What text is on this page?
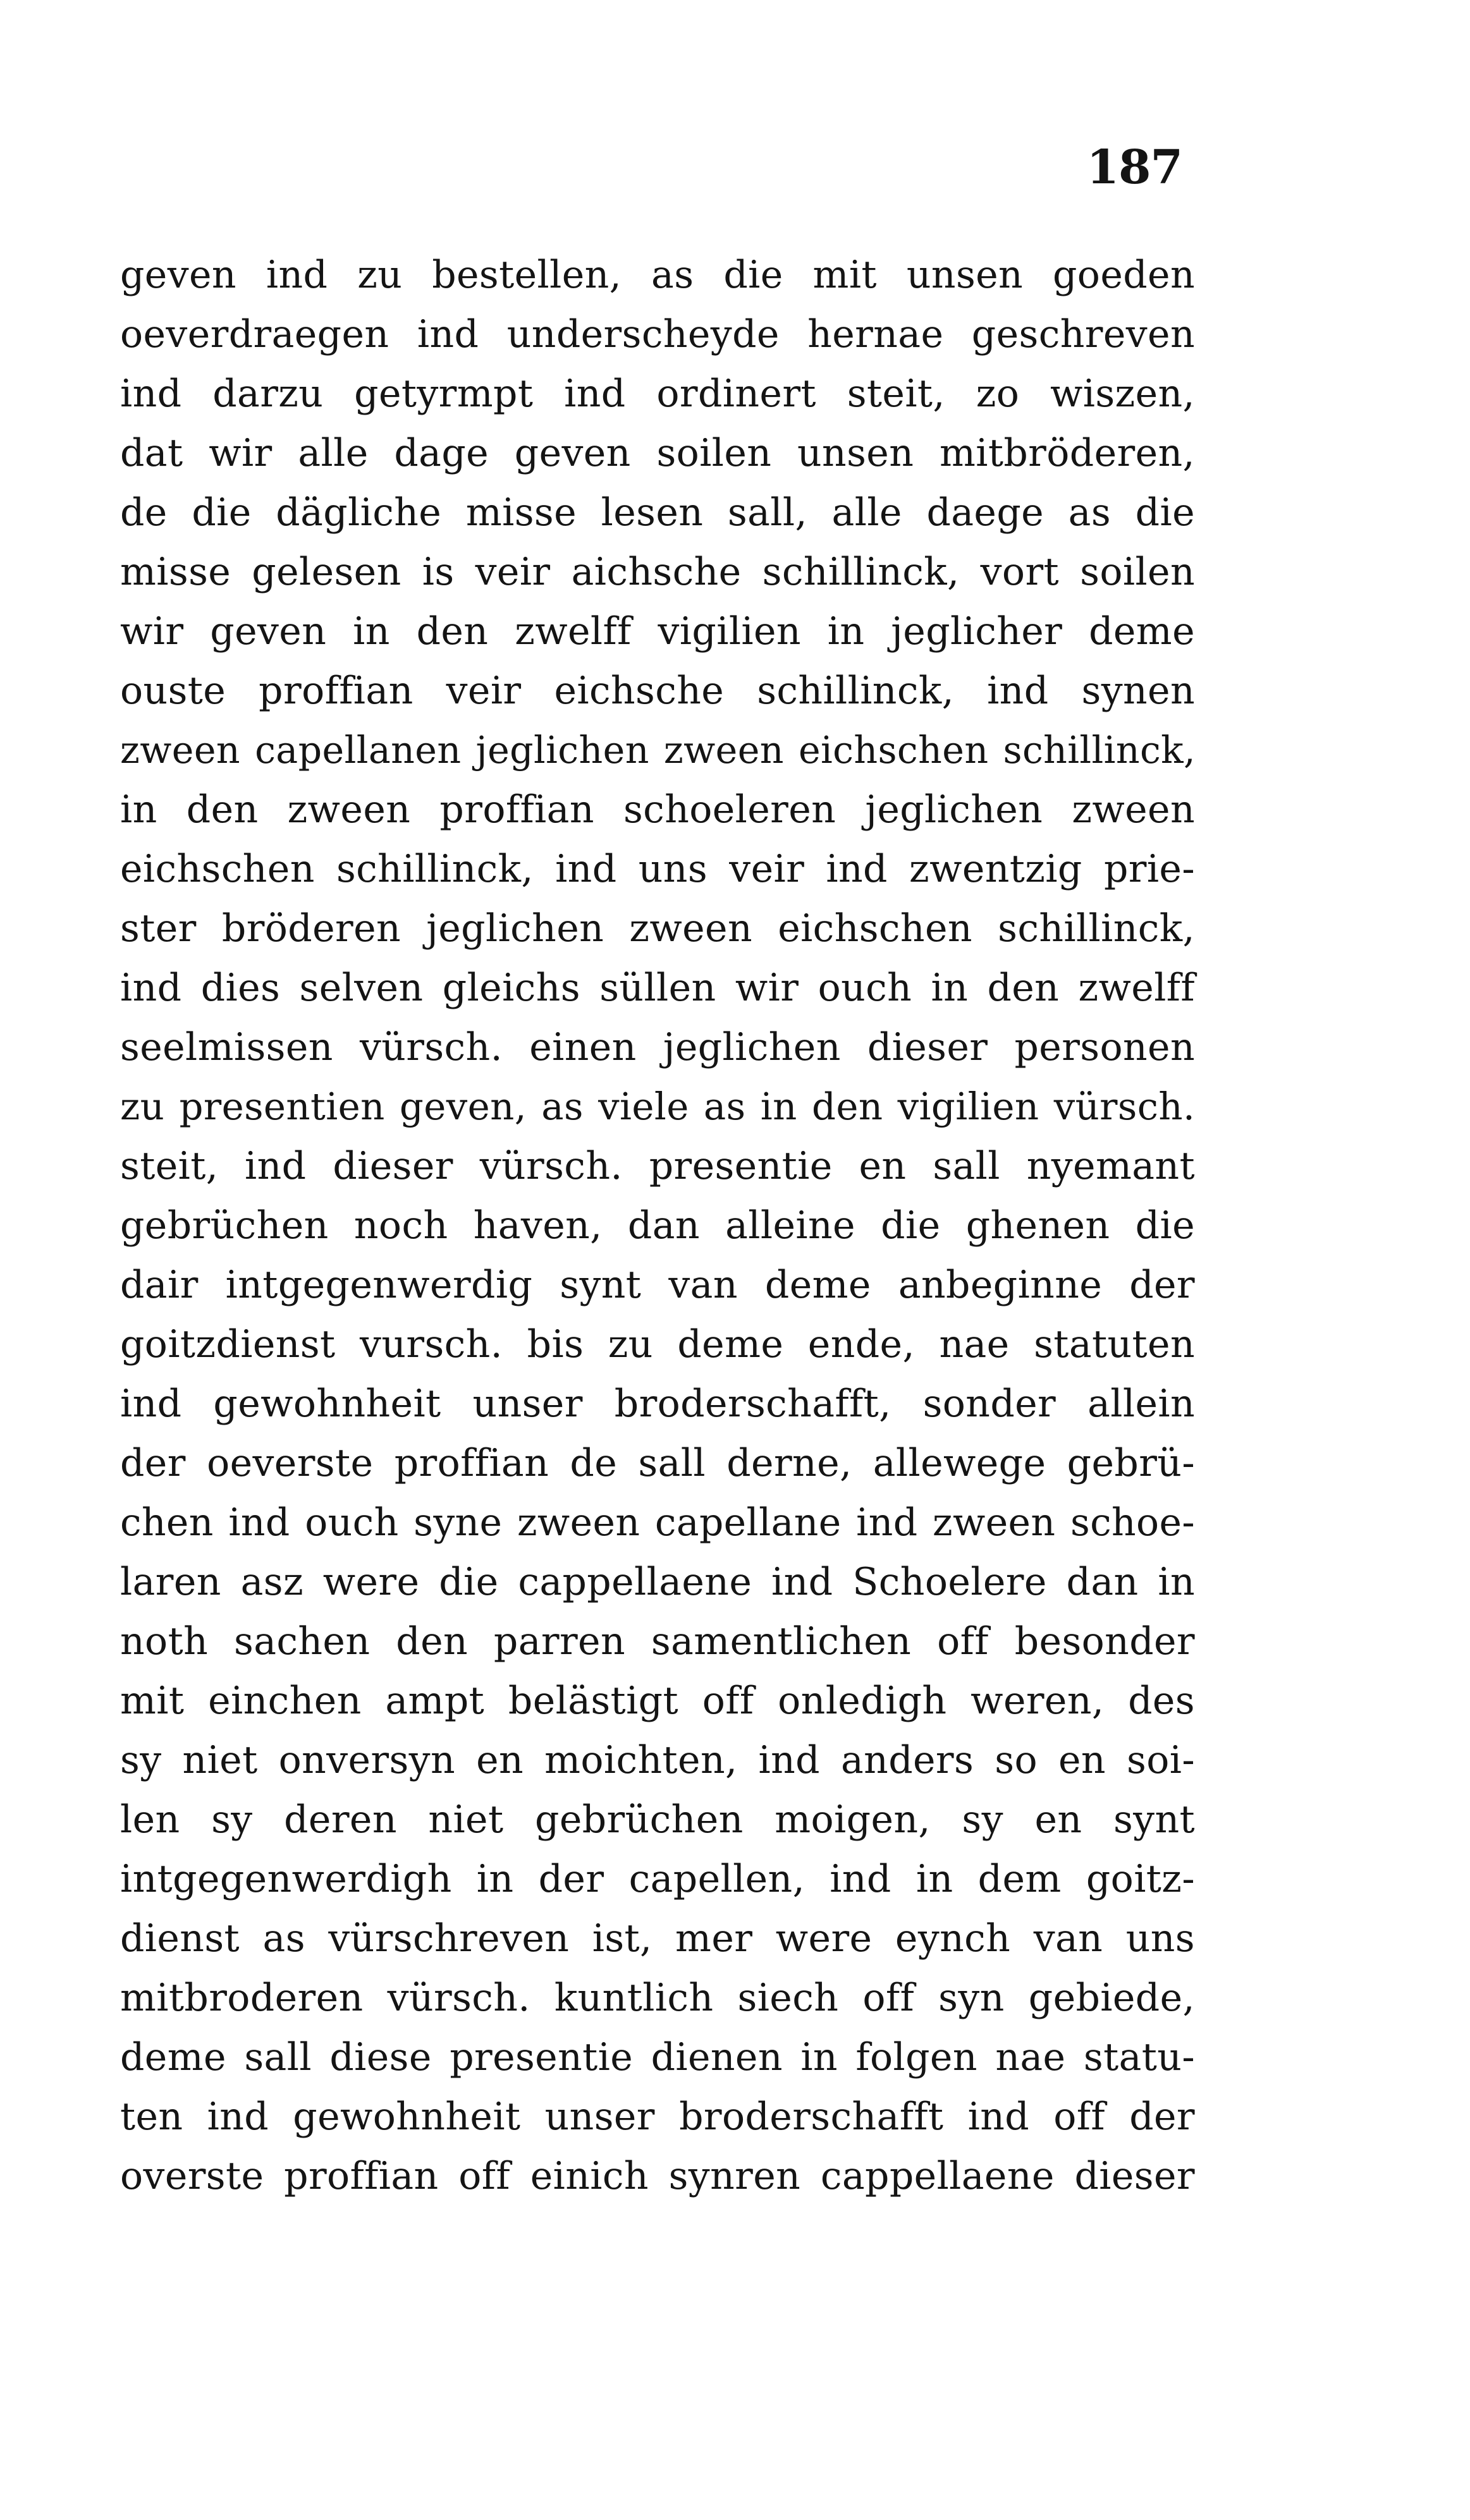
187
geven ind zu bestellen, as die mit unsen goeden
oeverdraegen ind underscheyde hernae geschreven
ind darzu getyrmpt ind ordinert steit, zo wiszen,
dat wir alle dage geven soilen unsen mitbröderen,
de die dägliche misse lesen sall, alle daege as die
misse gelesen is veir aichsche schillinck, vort soilen
wir geven in den zwelff vigilien in jeglicher deme
ouste proffian veir eichsche schillinck, ind synen
zween capellanen jeglichen zween eichschen schillinck,
in den zween proffian schoeleren jeglichen zween
eichschen schillinck, ind uns veir ind zwentzig prie-
ster bröderen jeglichen zween eichschen schillinck,
ind dies selven gleichs süllen wir ouch in den zwelff
seelmissen vürsch. einen jeglichen dieser personen
zu presentien geven, as viele as in den vigilien vürsch.
steit, ind dieser vürsch. presentie en sall nyemant
gebrüchen noch haven, dan alleine die ghenen die
dair intgegenwerdig synt van deme anbeginne der
goitzdienst vursch. bis zu deme ende, nae statuten
ind gewohnheit unser broderschafft, sonder allein
der oeverste proffian de sall derne, allewege gebrü-
chen ind ouch syne zween capellane ind zween schoe-
laren asz were die cappellaene ind Schoelere dan in
noth sachen den parren samentlichen off besonder
mit einchen ampt belästigt off onledigh weren, des
sy niet onversyn en moichten, ind anders so en soi-
len sy deren niet gebrüchen moigen, sy en synt
intgegenwerdigh in der capellen, ind in dem goitz-
dienst as vürschreven ist, mer were eynch van uns
mitbroderen vürsch. kuntlich siech off syn gebiede,
deme sall diese presentie dienen in folgen nae statu-
ten ind gewohnheit unser broderschafft ind off der
overste proffian off einich synren cappellaene dieser
